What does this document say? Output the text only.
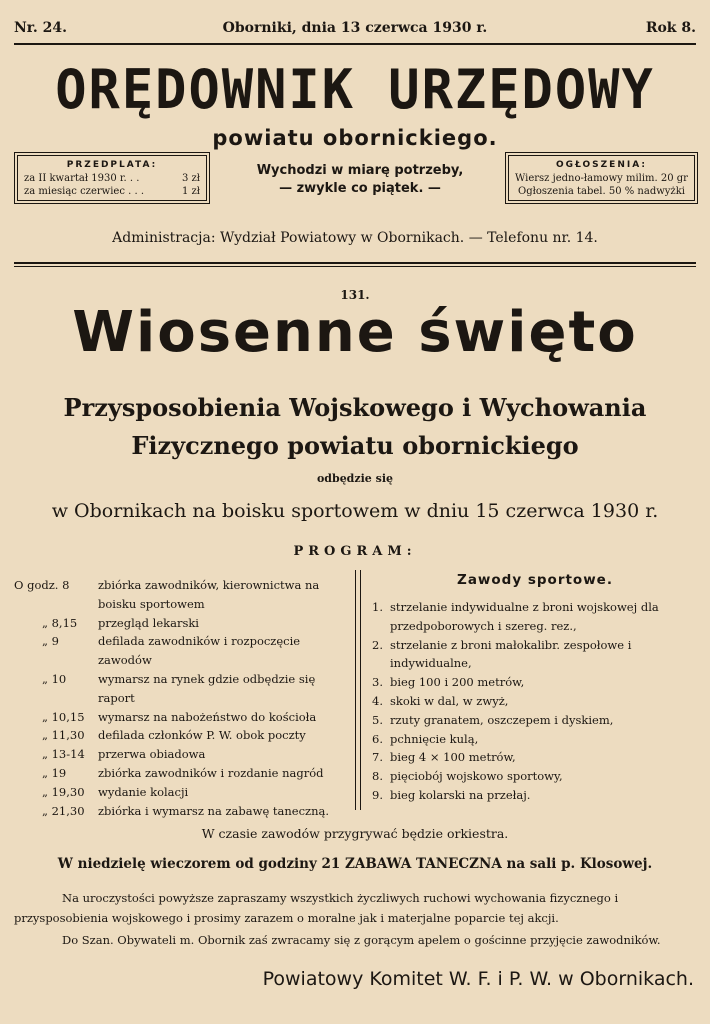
Nr. 24.	Oborniki, dnia 13 czerwca 1930 r.	Rok 8.
ORĘDOWNIK URZĘDOWY
powiatu obornickiego.
PRZEDPLATA:
za II kwartał 1930 r. . .	3 zł
za miesiąc czerwiec . . .	1 zł
Wychodzi w miarę potrzeby,
— zwykle co piątek. —
OGŁOSZENIA:
Wiersz jedno-łamowy milim. 20 gr
Ogłoszenia tabel. 50 % nadwyżki
Administracja: Wydział Powiatowy w Obornikach. — Telefonu nr. 14.
131.
Wiosenne święto
Przysposobienia Wojskowego i Wychowania
Fizycznego powiatu obornickiego
odbędzie się
w Obornikach na boisku sportowem w dniu 15 czerwca 1930 r.
PROGRAM:
O godz. 8	zbiórka zawodników, kierownictwa na boisku sportowem
„ 8,15	przegląd lekarski
„ 9	defilada zawodników i rozpoczęcie zawodów
„ 10	wymarsz na rynek gdzie odbędzie się raport
„ 10,15	wymarsz na nabożeństwo do kościoła
„ 11,30	defilada członków P. W. obok poczty
„ 13-14	przerwa obiadowa
„ 19	zbiórka zawodników i rozdanie nagród
„ 19,30	wydanie kolacji
„ 21,30	zbiórka i wymarsz na zabawę taneczną.
Zawody sportowe.
1. strzelanie indywidualne z broni wojskowej dla przedpoborowych i szereg. rez.,
2. strzelanie z broni małokalibr. zespołowe i indywidualne,
3. bieg 100 i 200 metrów,
4. skoki w dal, w zwyż,
5. rzuty granatem, oszczepem i dyskiem,
6. pchnięcie kulą,
7. bieg 4 × 100 metrów,
8. pięciobój wojskowo sportowy,
9. bieg kolarski na przełaj.
W czasie zawodów przygrywać będzie orkiestra.
W niedzielę wieczorem od godziny 21 ZABAWA TANECZNA na sali p. Klosowej.
Na uroczystości powyższe zapraszamy wszystkich życzliwych ruchowi wychowania fizycznego i przysposobienia wojskowego i prosimy zarazem o moralne jak i materjalne poparcie tej akcji.
Do Szan. Obywateli m. Obornik zaś zwracamy się z gorącym apelem o gościnne przyjęcie zawodników.
Powiatowy Komitet W. F. i P. W. w Obornikach.
